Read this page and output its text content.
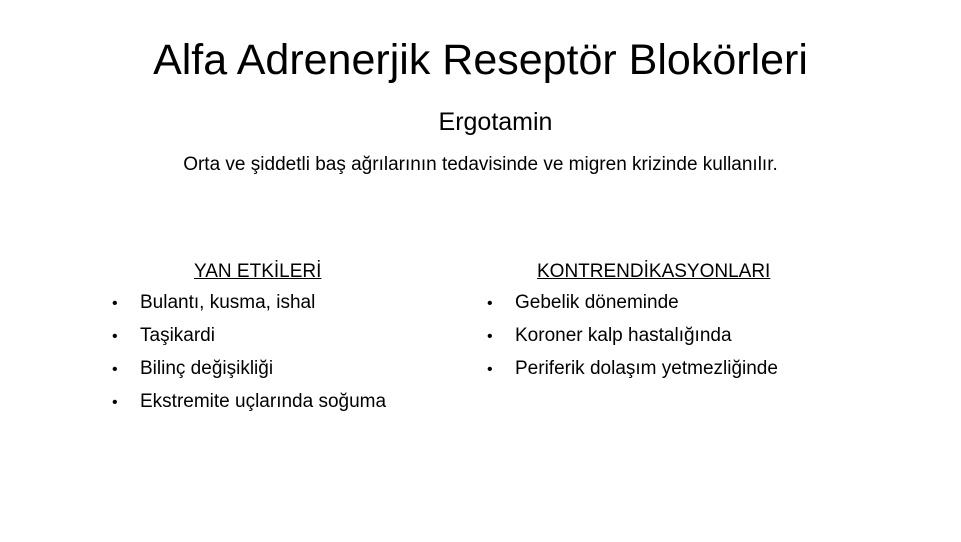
Alfa Adrenerjik Reseptör Blokörleri
Ergotamin
Orta ve şiddetli baş ağrılarının tedavisinde ve migren krizinde kullanılır.
YAN ETKİLERİ
•	Bulantı, kusma, ishal
•	Taşikardi
•	Bilinç değişikliği
•	Ekstremite uçlarında soğuma
KONTRENDİKASYONLARI
•	Gebelik döneminde
•	Koroner kalp hastalığında
•	Periferik dolaşım yetmezliğinde
